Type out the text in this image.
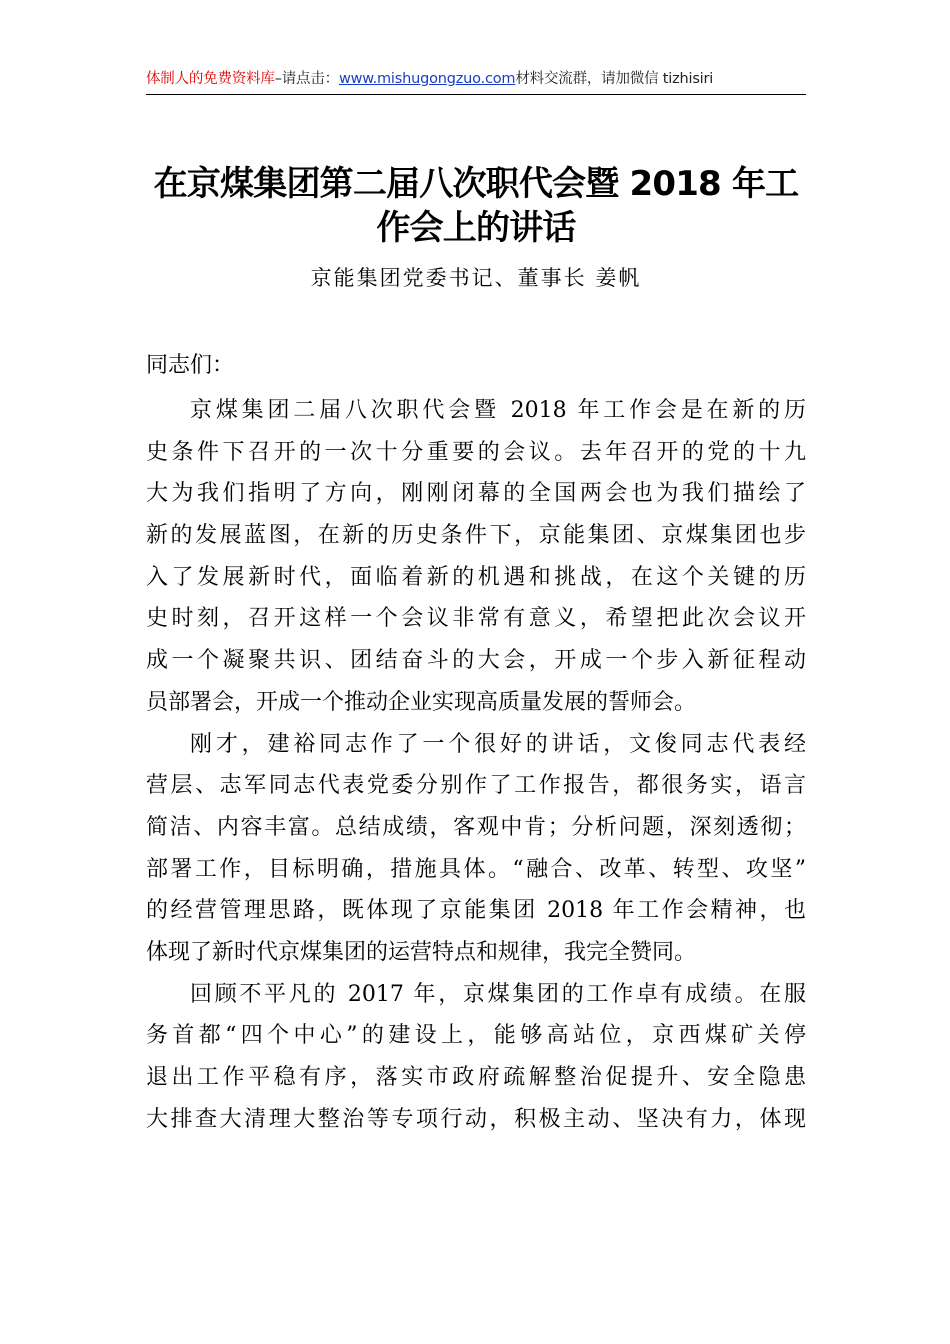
体制人的免费资料库–请点击：www.mishugongzuo.com材料交流群，请加微信 tizhisiri
在京煤集团第二届八次职代会暨 2018 年工
作会上的讲话
京能集团党委书记、董事长 姜帆
同志们：
京煤集团二届八次职代会暨 2018 年工作会是在新的历
史条件下召开的一次十分重要的会议。去年召开的党的十九
大为我们指明了方向，刚刚闭幕的全国两会也为我们描绘了
新的发展蓝图，在新的历史条件下，京能集团、京煤集团也步
入了发展新时代，面临着新的机遇和挑战，在这个关键的历
史时刻，召开这样一个会议非常有意义，希望把此次会议开
成一个凝聚共识、团结奋斗的大会，开成一个步入新征程动
员部署会，开成一个推动企业实现高质量发展的誓师会。
刚才，建裕同志作了一个很好的讲话，文俊同志代表经
营层、志军同志代表党委分别作了工作报告，都很务实，语言
简洁、内容丰富。总结成绩，客观中肯；分析问题，深刻透彻；
部署工作，目标明确，措施具体。“融合、改革、转型、攻坚”
的经营管理思路，既体现了京能集团 2018 年工作会精神，也
体现了新时代京煤集团的运营特点和规律，我完全赞同。
回顾不平凡的 2017 年，京煤集团的工作卓有成绩。在服
务首都“四个中心”的建设上，能够高站位，京西煤矿关停
退出工作平稳有序，落实市政府疏解整治促提升、安全隐患
大排查大清理大整治等专项行动，积极主动、坚决有力，体现
